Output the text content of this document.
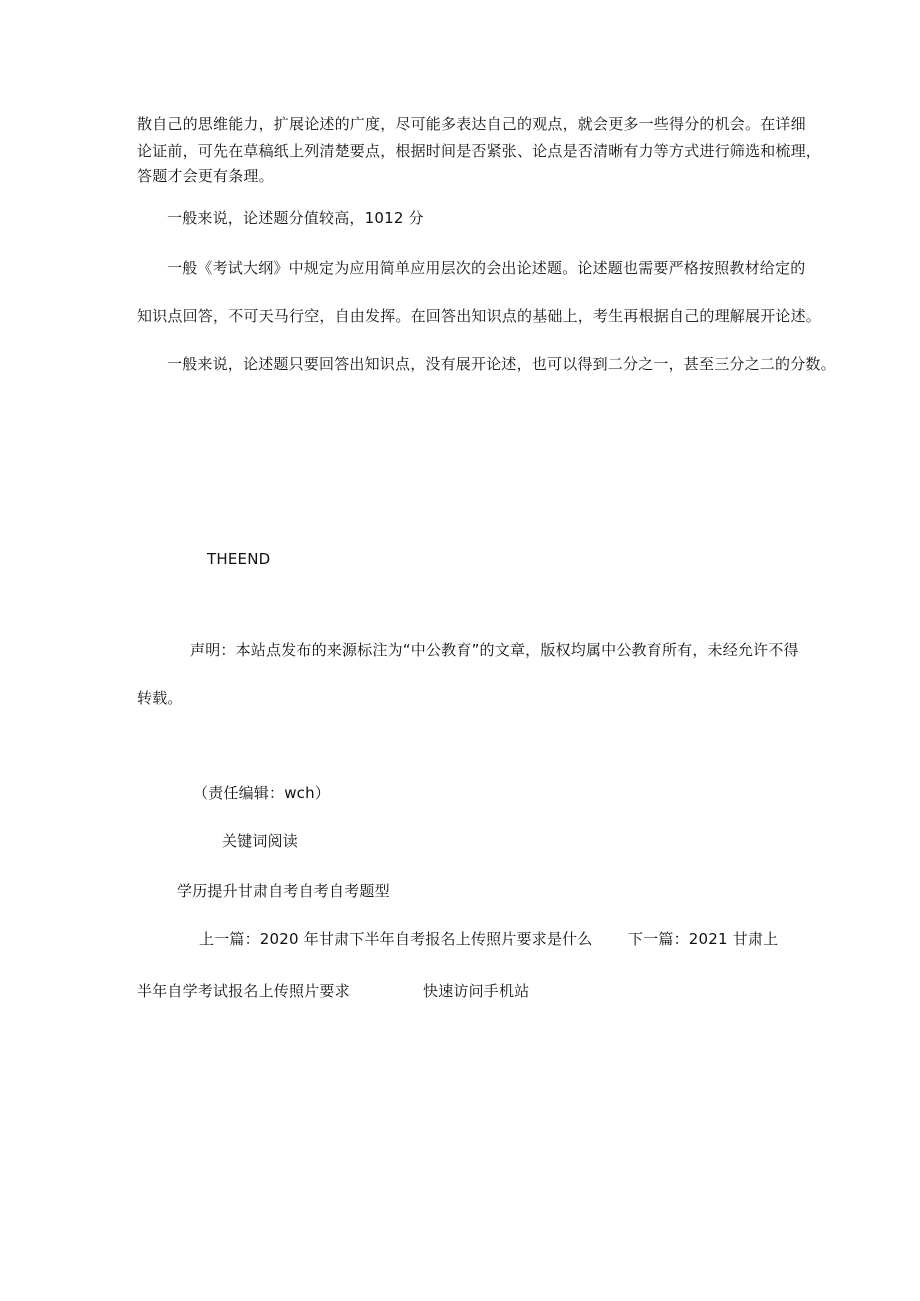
散自己的思维能力，扩展论述的广度，尽可能多表达自己的观点，就会更多一些得分的机会。在详细
论证前，可先在草稿纸上列清楚要点，根据时间是否紧张、论点是否清晰有力等方式进行筛选和梳理，
答题才会更有条理。
一般来说，论述题分值较高，1012 分
一般《考试大纲》中规定为应用简单应用层次的会出论述题。论述题也需要严格按照教材给定的
知识点回答，不可天马行空，自由发挥。在回答出知识点的基础上，考生再根据自己的理解展开论述。
一般来说，论述题只要回答出知识点，没有展开论述，也可以得到二分之一，甚至三分之二的分数。
THEEND
声明：本站点发布的来源标注为“中公教育”的文章，版权均属中公教育所有，未经允许不得
转载。
（责任编辑：wch）
关键词阅读
学历提升甘肃自考自考自考题型
上一篇：2020 年甘肃下半年自考报名上传照片要求是什么 下一篇：2021 甘肃上
半年自学考试报名上传照片要求	快速访问手机站
